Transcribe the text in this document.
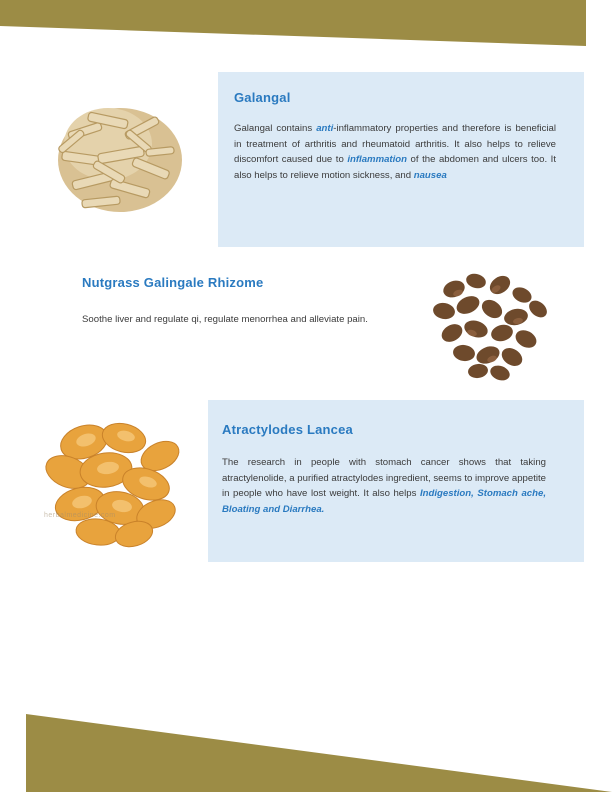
Galangal
Galangal contains anti-inflammatory properties and therefore is beneficial in treatment of arthritis and rheumatoid arthritis. It also helps to relieve discomfort caused due to inflammation of the abdomen and ulcers too. It also helps to relieve motion sickness, and nausea
Nutgrass Galingale Rhizome
Soothe liver and regulate qi, regulate menorrhea and alleviate pain.
herbalmedicine.com
Atractylodes Lancea
The research in people with stomach cancer shows that taking atractylenolide, a purified atractylodes ingredient, seems to improve appetite in people who have lost weight. It also helps Indigestion, Stomach ache, Bloating and Diarrhea.
